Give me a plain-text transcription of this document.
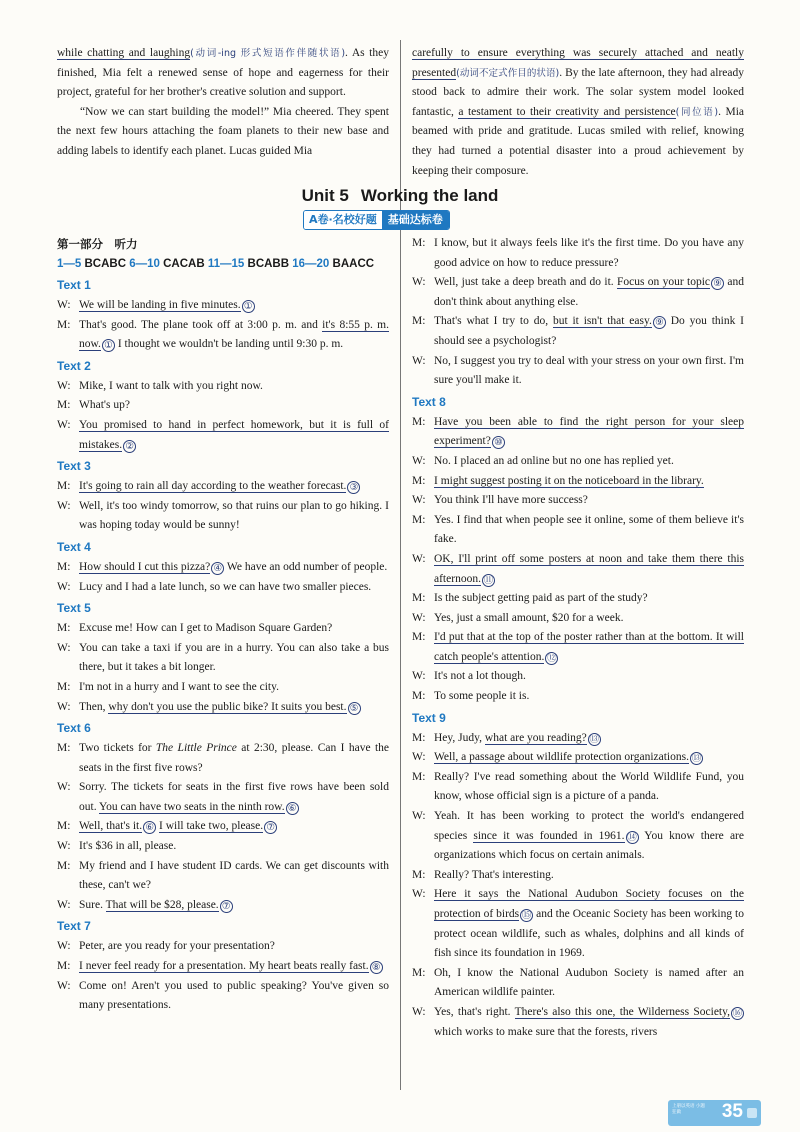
while chatting and laughing(动词-ing 形式短语作伴随状语). As they finished, Mia felt a renewed sense of hope and eagerness for their project, grateful for her brother's creative solution and support.

“Now we can start building the model!” Mia cheered. They spent the next few hours attaching the foam planets to their new base and adding labels to identify each planet. Lucas guided Mia

第一部分　听力
1—5 BCABC 6—10 CACAB 11—15 BCABB 16—20 BAACC
Text 1
W: We will be landing in five minutes. ①
M: That's good. The plane took off at 3:00 p. m. and it's 8:55 p. m. now. ① I thought we wouldn't be landing until 9:30 p. m.
Text 2
W: Mike, I want to talk with you right now.
M: What's up?
W: You promised to hand in perfect homework, but it is full of mistakes. ②
Text 3
M: It's going to rain all day according to the weather forecast. ③
W: Well, it's too windy tomorrow, so that ruins our plan to go hiking. I was hoping today would be sunny!
Text 4
M: How should I cut this pizza? ④ We have an odd number of people.
W: Lucy and I had a late lunch, so we can have two smaller pieces.
Text 5
M: Excuse me! How can I get to Madison Square Garden?
W: You can take a taxi if you are in a hurry. You can also take a bus there, but it takes a bit longer.
M: I'm not in a hurry and I want to see the city.
W: Then, why don't you use the public bike? It suits you best. ⑤
Text 6
M: Two tickets for The Little Prince at 2:30, please. Can I have the seats in the first five rows?
W: Sorry. The tickets for seats in the first five rows have been sold out. You can have two seats in the ninth row. ⑥
M: Well, that's it. ⑥ I will take two, please. ⑦
W: It's $36 in all, please.
M: My friend and I have student ID cards. We can get discounts with these, can't we?
W: Sure. That will be $28, please. ⑦
Text 7
W: Peter, are you ready for your presentation?
M: I never feel ready for a presentation. My heart beats really fast. ⑧
W: Come on! Aren't you used to public speaking? You've given so many presentations.

carefully to ensure everything was securely attached and neatly presented(动词不定式作目的状语). By the late afternoon, they had already stood back to admire their work. The solar system model looked fantastic, a testament to their creativity and persistence(同位语). Mia beamed with pride and gratitude. Lucas smiled with relief, knowing they had turned a potential disaster into a proud achievement by keeping their composure.

M: I know, but it always feels like it's the first time. Do you have any good advice on how to reduce pressure?
W: Well, just take a deep breath and do it. Focus on your topic ⑨ and don't think about anything else.
M: That's what I try to do, but it isn't that easy. ⑨ Do you think I should see a psychologist?
W: No, I suggest you try to deal with your stress on your own first. I'm sure you'll make it.
Text 8
M: Have you been able to find the right person for your sleep experiment? ⑩
W: No. I placed an ad online but no one has replied yet.
M: I might suggest posting it on the noticeboard in the library.
W: You think I'll have more success?
M: Yes. I find that when people see it online, some of them believe it's fake.
W: OK, I'll print off some posters at noon and take them there this afternoon. ⑪
M: Is the subject getting paid as part of the study?
W: Yes, just a small amount, $20 for a week.
M: I'd put that at the top of the poster rather than at the bottom. It will catch people's attention. ⑫
W: It's not a lot though.
M: To some people it is.
Text 9
M: Hey, Judy, what are you reading? ⑬
W: Well, a passage about wildlife protection organizations. ⑬
M: Really? I've read something about the World Wildlife Fund, you know, whose official sign is a picture of a panda.
W: Yeah. It has been working to protect the world's endangered species since it was founded in 1961. ⑭ You know there are organizations which focus on certain animals.
M: Really? That's interesting.
W: Here it says the National Audubon Society focuses on the protection of birds ⑮ and the Oceanic Society has been working to protect ocean wildlife, such as whales, dolphins and all kinds of fish since its foundation in 1969.
M: Oh, I know the National Audubon Society is named after an American wildlife painter.
W: Yes, that's right. There's also this one, the Wilderness Society, ⑯ which works to make sure that the forests, rivers
Unit 5 Working the land
A卷·名校好题	基础达标卷
上册以英语 小题狂做	35
